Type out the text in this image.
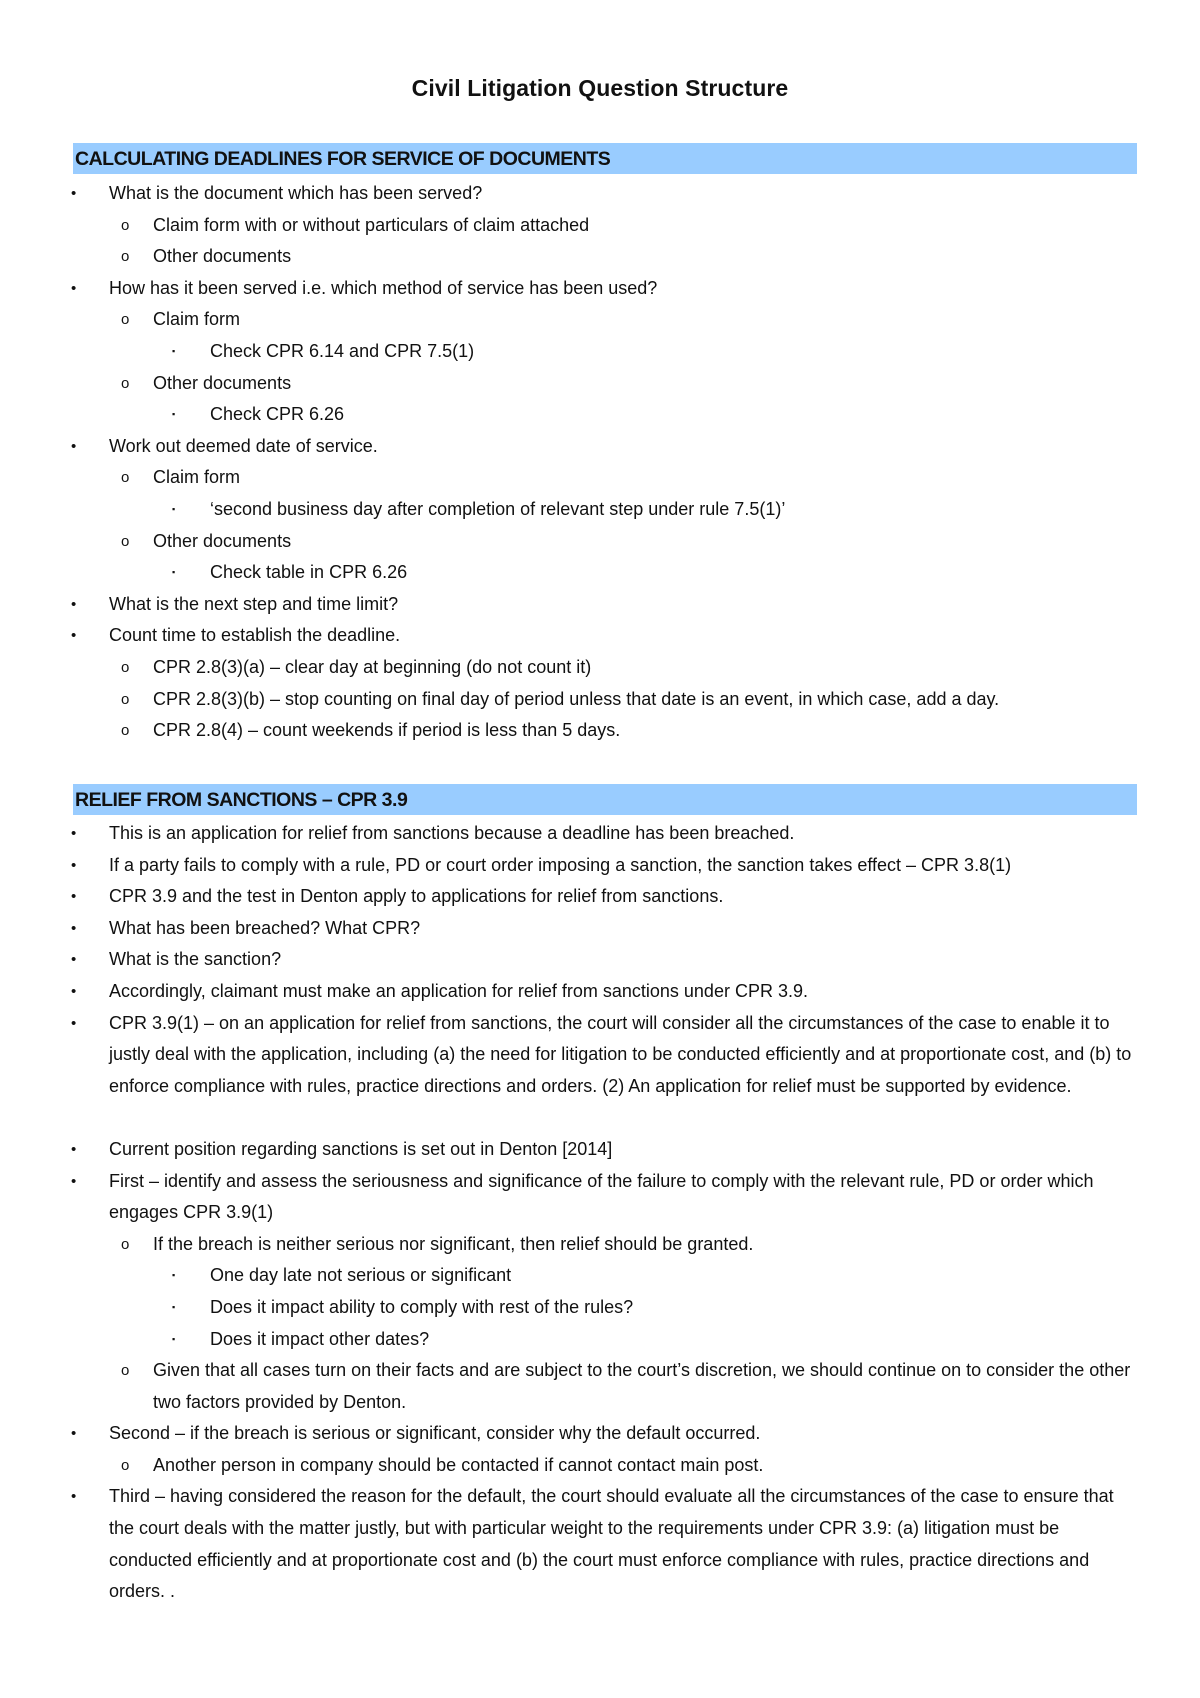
Civil Litigation Question Structure
CALCULATING DEADLINES FOR SERVICE OF DOCUMENTS
• What is the document which has been served?
o Claim form with or without particulars of claim attached
o Other documents
• How has it been served i.e. which method of service has been used?
o Claim form
▪ Check CPR 6.14 and CPR 7.5(1)
o Other documents
▪ Check CPR 6.26
• Work out deemed date of service.
o Claim form
▪ ‘second business day after completion of relevant step under rule 7.5(1)’
o Other documents
▪ Check table in CPR 6.26
• What is the next step and time limit?
• Count time to establish the deadline.
o CPR 2.8(3)(a) – clear day at beginning (do not count it)
o CPR 2.8(3)(b) – stop counting on final day of period unless that date is an event, in which case, add a day.
o CPR 2.8(4) – count weekends if period is less than 5 days.
RELIEF FROM SANCTIONS – CPR 3.9
• This is an application for relief from sanctions because a deadline has been breached.
• If a party fails to comply with a rule, PD or court order imposing a sanction, the sanction takes effect – CPR 3.8(1)
• CPR 3.9 and the test in Denton apply to applications for relief from sanctions.
• What has been breached? What CPR?
• What is the sanction?
• Accordingly, claimant must make an application for relief from sanctions under CPR 3.9.
• CPR 3.9(1) – on an application for relief from sanctions, the court will consider all the circumstances of the case to enable it to justly deal with the application, including (a) the need for litigation to be conducted efficiently and at proportionate cost, and (b) to enforce compliance with rules, practice directions and orders. (2) An application for relief must be supported by evidence.
• Current position regarding sanctions is set out in Denton [2014]
• First – identify and assess the seriousness and significance of the failure to comply with the relevant rule, PD or order which engages CPR 3.9(1)
o If the breach is neither serious nor significant, then relief should be granted.
▪ One day late not serious or significant
▪ Does it impact ability to comply with rest of the rules?
▪ Does it impact other dates?
o Given that all cases turn on their facts and are subject to the court’s discretion, we should continue on to consider the other two factors provided by Denton.
• Second – if the breach is serious or significant, consider why the default occurred.
o Another person in company should be contacted if cannot contact main post.
• Third – having considered the reason for the default, the court should evaluate all the circumstances of the case to ensure that the court deals with the matter justly, but with particular weight to the requirements under CPR 3.9: (a) litigation must be conducted efficiently and at proportionate cost and (b) the court must enforce compliance with rules, practice directions and orders. .
